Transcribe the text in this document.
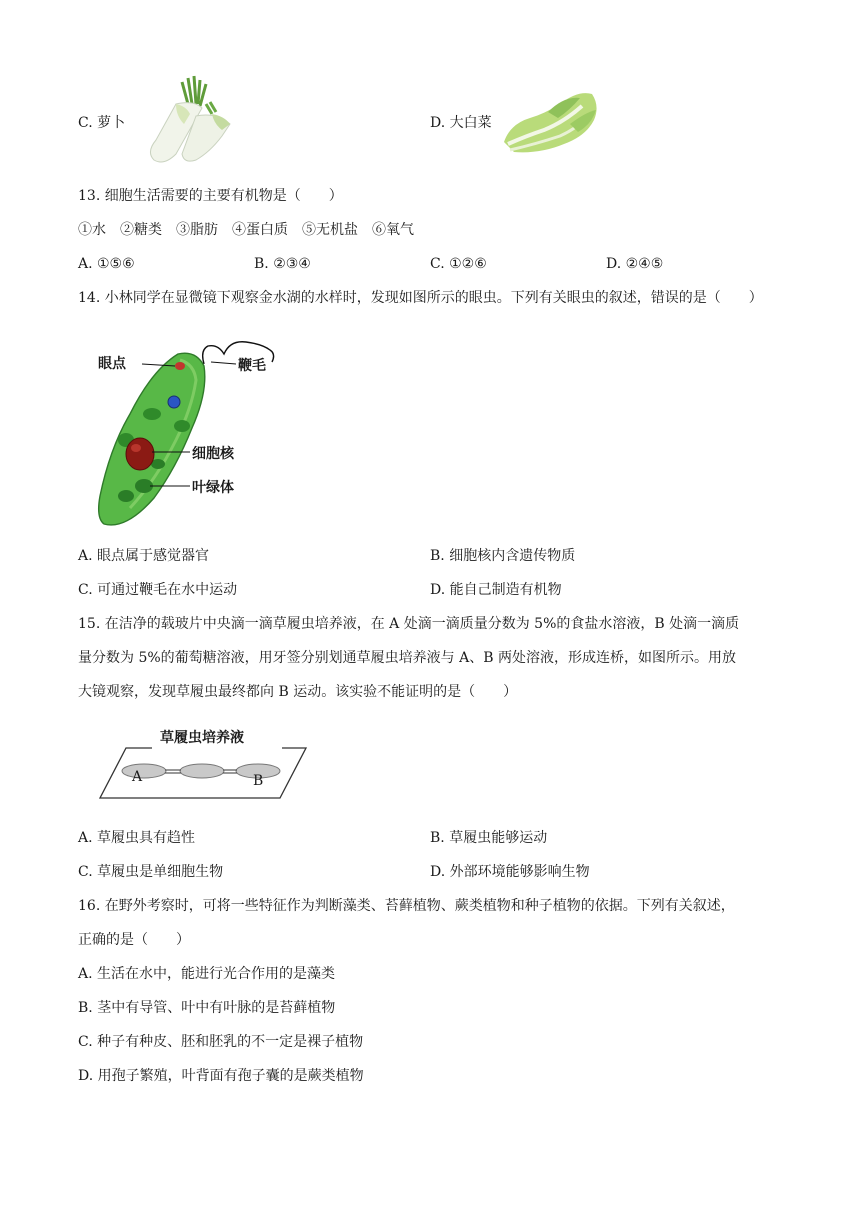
C. 萝卜	D. 大白菜
13. 细胞生活需要的主要有机物是（　　）
①水　②糖类　③脂肪　④蛋白质　⑤无机盐　⑥氧气
A. ①⑤⑥	B. ②③④	C. ①②⑥	D. ②④⑤
14. 小林同学在显微镜下观察金水湖的水样时，发现如图所示的眼虫。下列有关眼虫的叙述，错误的是（　　）
眼点	鞭毛
细胞核
叶绿体
A. 眼点属于感觉器官	B. 细胞核内含遗传物质
C. 可通过鞭毛在水中运动	D. 能自己制造有机物
15. 在洁净的载玻片中央滴一滴草履虫培养液，在 A 处滴一滴质量分数为 5%的食盐水溶液，B 处滴一滴质
量分数为 5%的葡萄糖溶液，用牙签分别划通草履虫培养液与 A、B 两处溶液，形成连桥，如图所示。用放
大镜观察，发现草履虫最终都向 B 运动。该实验不能证明的是（　　）
草履虫培养液
A	B
A. 草履虫具有趋性	B. 草履虫能够运动
C. 草履虫是单细胞生物	D. 外部环境能够影响生物
16. 在野外考察时，可将一些特征作为判断藻类、苔藓植物、蕨类植物和种子植物的依据。下列有关叙述，
正确的是（　　）
A. 生活在水中，能进行光合作用的是藻类
B. 茎中有导管、叶中有叶脉的是苔藓植物
C. 种子有种皮、胚和胚乳的不一定是裸子植物
D. 用孢子繁殖，叶背面有孢子囊的是蕨类植物
